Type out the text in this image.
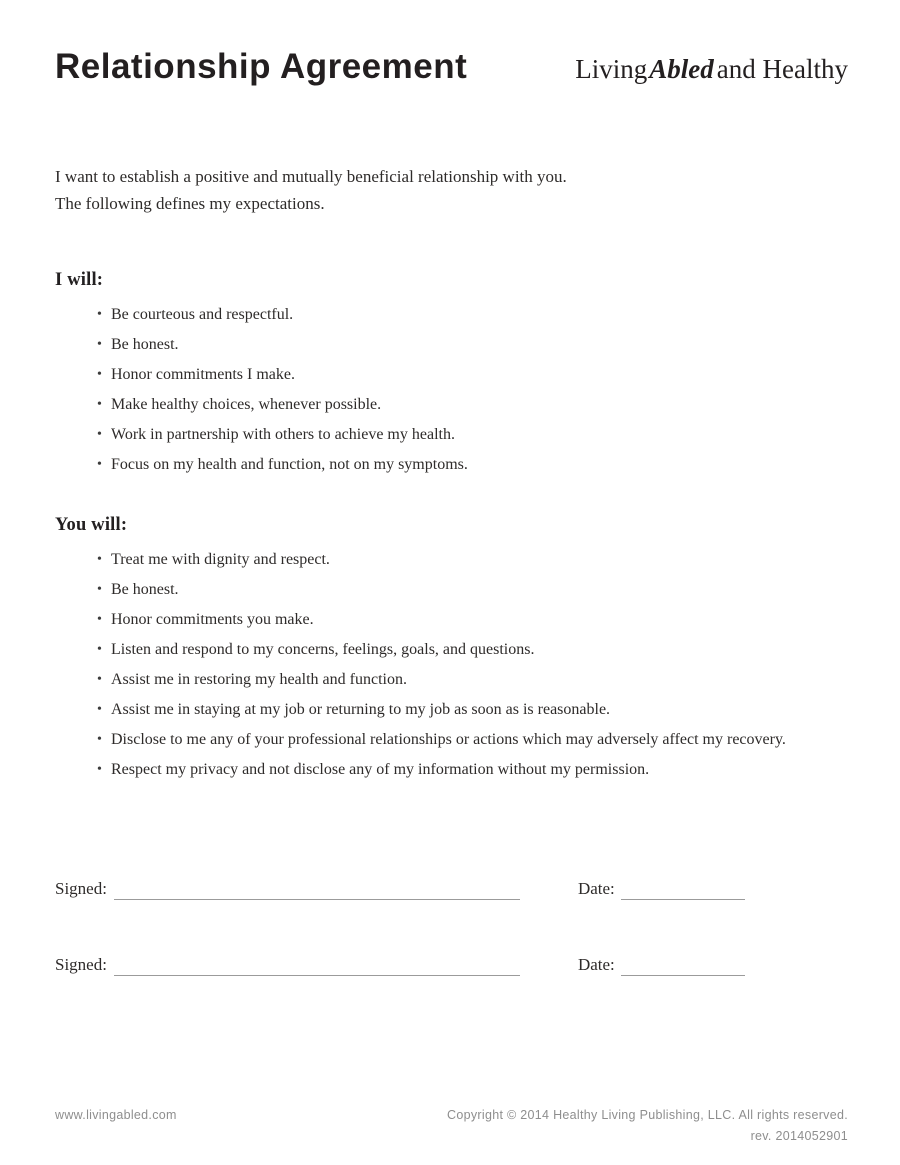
Relationship Agreement	LivingAbled and Healthy
I want to establish a positive and mutually beneficial relationship with you.
The following defines my expectations.
I will:
• Be courteous and respectful.
• Be honest.
• Honor commitments I make.
• Make healthy choices, whenever possible.
• Work in partnership with others to achieve my health.
• Focus on my health and function, not on my symptoms.
You will:
• Treat me with dignity and respect.
• Be honest.
• Honor commitments you make.
• Listen and respond to my concerns, feelings, goals, and questions.
• Assist me in restoring my health and function.
• Assist me in staying at my job or returning to my job as soon as is reasonable.
• Disclose to me any of your professional relationships or actions which may adversely affect my recovery.
• Respect my privacy and not disclose any of my information without my permission.
Signed:	Date:
Signed:	Date:
www.livingabled.com	Copyright © 2014 Healthy Living Publishing, LLC. All rights reserved.
rev. 2014052901
